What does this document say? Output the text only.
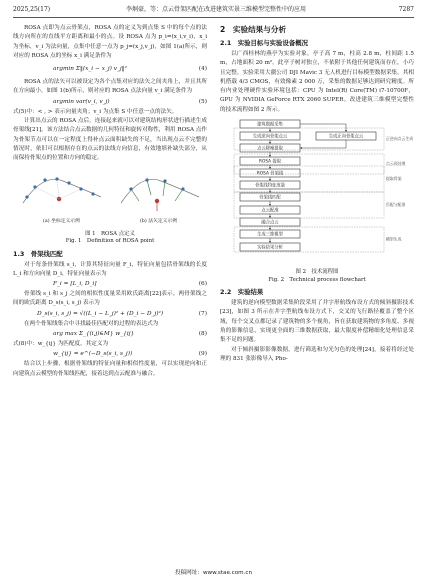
2025,25(17)	李炯豪，等：点云骨架匹配在改进建筑实景三维模型完整性中的应用	7287

ROSA 点即为点云骨架点，ROSA 点的定义为到点集 S 中的每个点的法线方向所在的直线平方距离和最小的点。设 ROSA 点为 p_i=(x_i,v_i)，x_i 为坐标，v_i 为法向量，点集中任意一点为 p_j=(x_j,v_j)，如图 1(a)所示，则对应的 ROSA 点的坐标 x_i 满足条件为

argmin Σ‖(x_i − x_j) v_j‖²	(4)

ROSA 点的法矢可以被设定为各个点集对应的法矢之间夹角上，并且其所在方向最小，如图 1(b)所示，则对应的 ROSA 点法向量 v_i 满足条件为

argmin var(v_i, v_j)	(5)

式(5)中：< , > 表示向量夹角；v_i 为点集 S 中任意一点的法矢。

计算出点云的 ROSA 点后，连接起来就可以对建筑结构形状进行描述生成骨架线[21]。该方法结合点云数据的几何特征和旋转对称性，利用 ROSA 点作为骨架节点可以在一定程度上得补点云面积缺失的不足，当出现点云不完整的情况时，依旧可以根据存在的点云的法线方向信息，有效地填补缺失部分，从而保持骨架点的位置和方向的稳定。

(a) 坐标定义示例	(b) 法矢定义示例
图 1　ROSA 点定义
Fig. 1　Definition of ROSA point
1.3　骨架线匹配

对于每条骨架线 s_i，计算其特征向量 F_i，特征向量包括骨架线的长度 L_i 和方向向量 D_i，特征向量表示为

F_i = [L_i, D_i]	(6)

骨架线 s_i 和 s_j 之间的相似性度量采用欧氏距离[22]表示。两骨架线之间的欧氏距离 D_s(s_i, s_j) 表示为

D_s(s_i, s_j) = √((L_i − L_j)² + (D_i − D_j)²)	(7)

在两个骨架线集合中寻找最佳匹配对的过程的表达式为

arg max Σ_{(i,j)∈M} w_{ij}	(8)

式(8)中：w_{ij} 为匹配度，其定义为

w_{ij} = e^(−D_s(s_i, s_j))	(9)

结合以上步骤，根据骨架线的特征向量和相似性度量，可以实现逆向和正向建筑点云模型的骨架线匹配，接着达到点云配准与融合。

2　实验结果与分析
2.1　实验目标与实验设备概况

以广西桂林的燕亭为实验对象，亭子高 7 m，柱高 2.8 m，柱间距 1.5 m，占地面积 20 m²。此亭子树对独立，不依附于其他任何建筑而存在，小巧且完整。实验采用大疆公司 DJI Mavic 3 无人机进行目标模型数据采集，其相机搭载 4/3 CMOS，有效像素 2 000 万，采集的数据足够达到研究精度。所有内业处理硬件实验环境包括：CPU 为 Intel(R) Core(TM) i7-10700F，GPU 为 NVIDIA GeForce RTX 2060 SUPER。改进建筑三维模型完整性的技术流程如图 2 所示。

建筑数据采集
生成逆向骨架点云	生成正向骨架点云
点云除噪提取
ROSA 提取
ROSA 骨架线
骨架线特征度量
骨架线匹配
点云配准
融合点云
生成三维模型
实验结果分析
正逆向点云生成
点云预处理
提取骨架
匹配与配准
模型生成
图 2　技术流程图
Fig. 2　Technical process flowchart
2.2　实验结果

建筑的逆向模型数据采集阶段采用了井字形航线布设方式的倾斜摄影技术[23]，如图 3 所示在井字型航线布设方式下，交叉的飞行路径覆盖了整个区域，每个交叉点都记录了建筑物的多个视角，旨在获取建筑物的多角度、多视角的影像信息，实现更全面的三维数据获取，最大限度补偿精细化处理信息采集不足的问题。

对于倾斜摄影影像数据，进行筛选和匀光匀色的处理[24]，接着将经过处理的 831 张影像导入 Pho-

投稿网址：www.stae.com.cn
